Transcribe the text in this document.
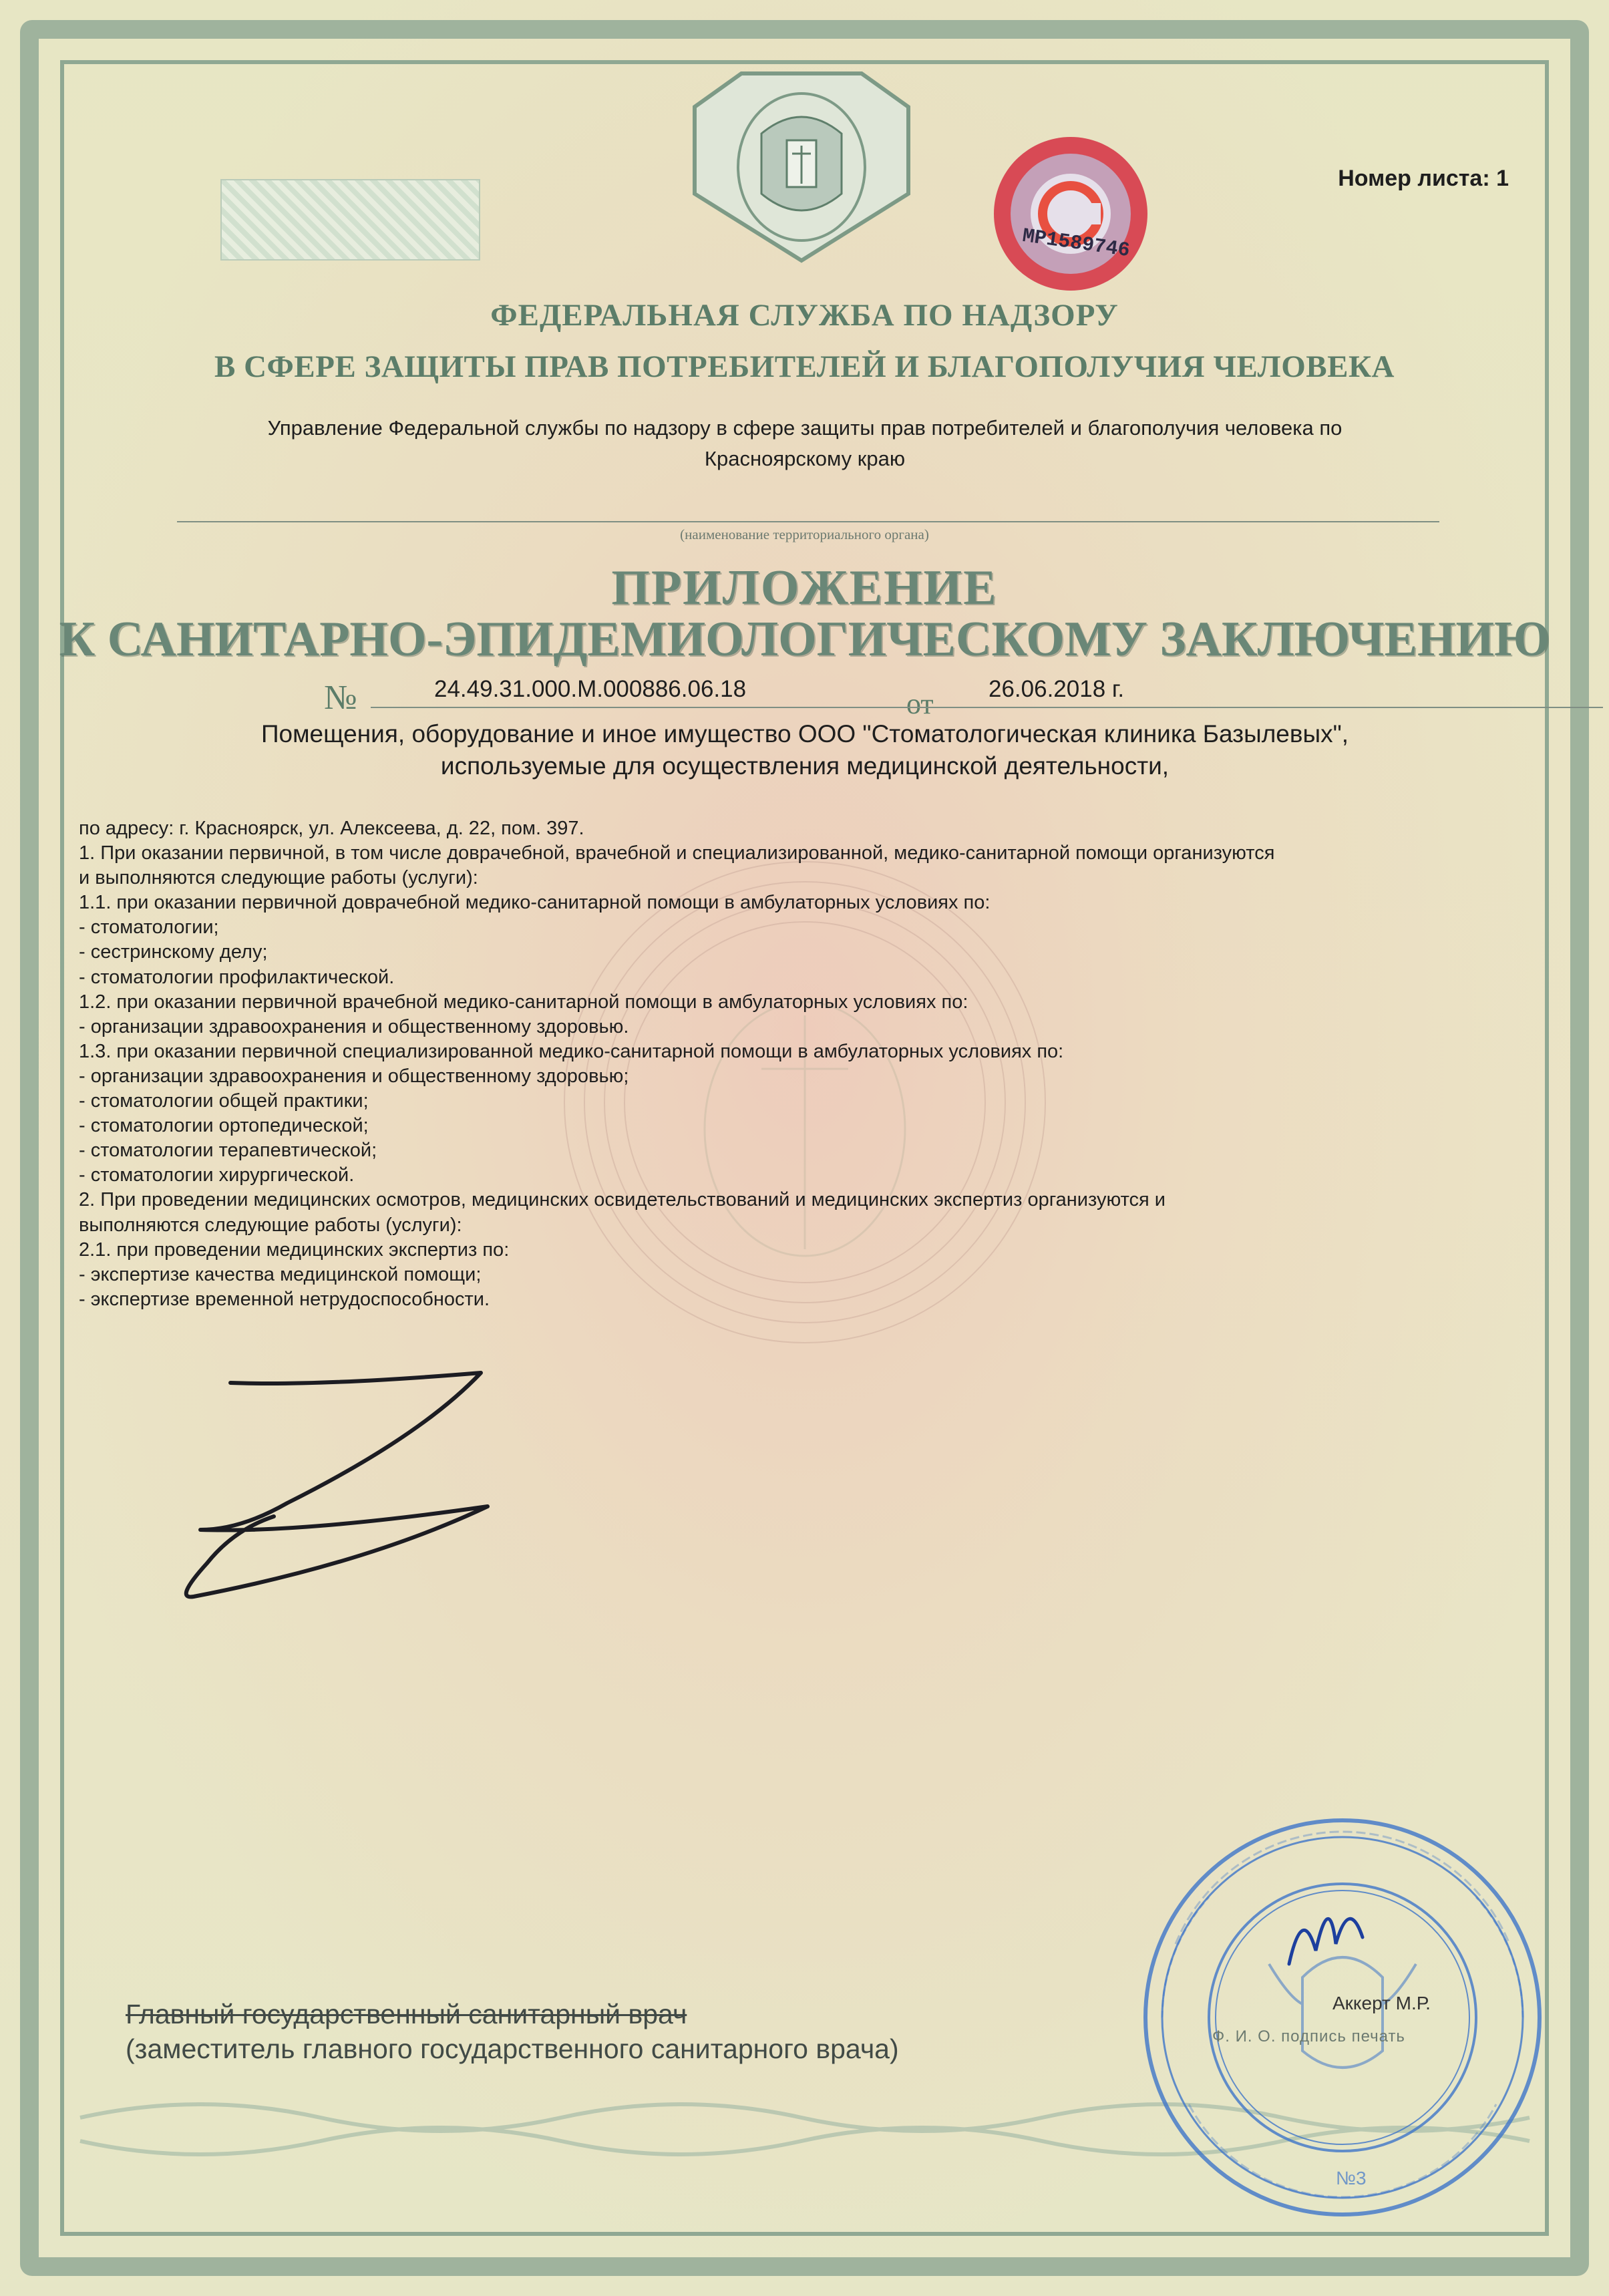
MP1589746
Номер листа: 1
ФЕДЕРАЛЬНАЯ СЛУЖБА ПО НАДЗОРУ
В СФЕРЕ ЗАЩИТЫ ПРАВ ПОТРЕБИТЕЛЕЙ И БЛАГОПОЛУЧИЯ ЧЕЛОВЕКА
Управление Федеральной службы по надзору в сфере защиты прав потребителей и благополучия человека по
Красноярскому краю
(наименование территориального органа)
ПРИЛОЖЕНИЕ
К САНИТАРНО-ЭПИДЕМИОЛОГИЧЕСКОМУ ЗАКЛЮЧЕНИЮ
№	24.49.31.000.М.000886.06.18	от 26.06.2018 г.
Помещения, оборудование и иное имущество ООО "Стоматологическая клиника Базылевых",
используемые для осуществления медицинской деятельности,
по адресу: г. Красноярск, ул. Алексеева, д. 22, пом. 397.
1. При оказании первичной, в том числе доврачебной, врачебной и специализированной, медико-санитарной помощи организуются
и выполняются следующие работы (услуги):
1.1. при оказании первичной доврачебной медико-санитарной помощи в амбулаторных условиях по:
- стоматологии;
- сестринскому делу;
- стоматологии профилактической.
1.2. при оказании первичной врачебной медико-санитарной помощи в амбулаторных условиях по:
- организации здравоохранения и общественному здоровью.
1.3. при оказании первичной специализированной медико-санитарной помощи в амбулаторных условиях по:
- организации здравоохранения и общественному здоровью;
- стоматологии общей практики;
- стоматологии ортопедической;
- стоматологии терапевтической;
- стоматологии хирургической.
2. При проведении медицинских осмотров, медицинских освидетельствований и медицинских экспертиз организуются и
выполняются следующие работы (услуги):
2.1. при проведении медицинских экспертиз по:
- экспертизе качества медицинской помощи;
- экспертизе временной нетрудоспособности.
Главный государственный санитарный врач
(заместитель главного государственного санитарного врача)
№3
Аккерт М.Р.
Ф. И. О. подпись печать
